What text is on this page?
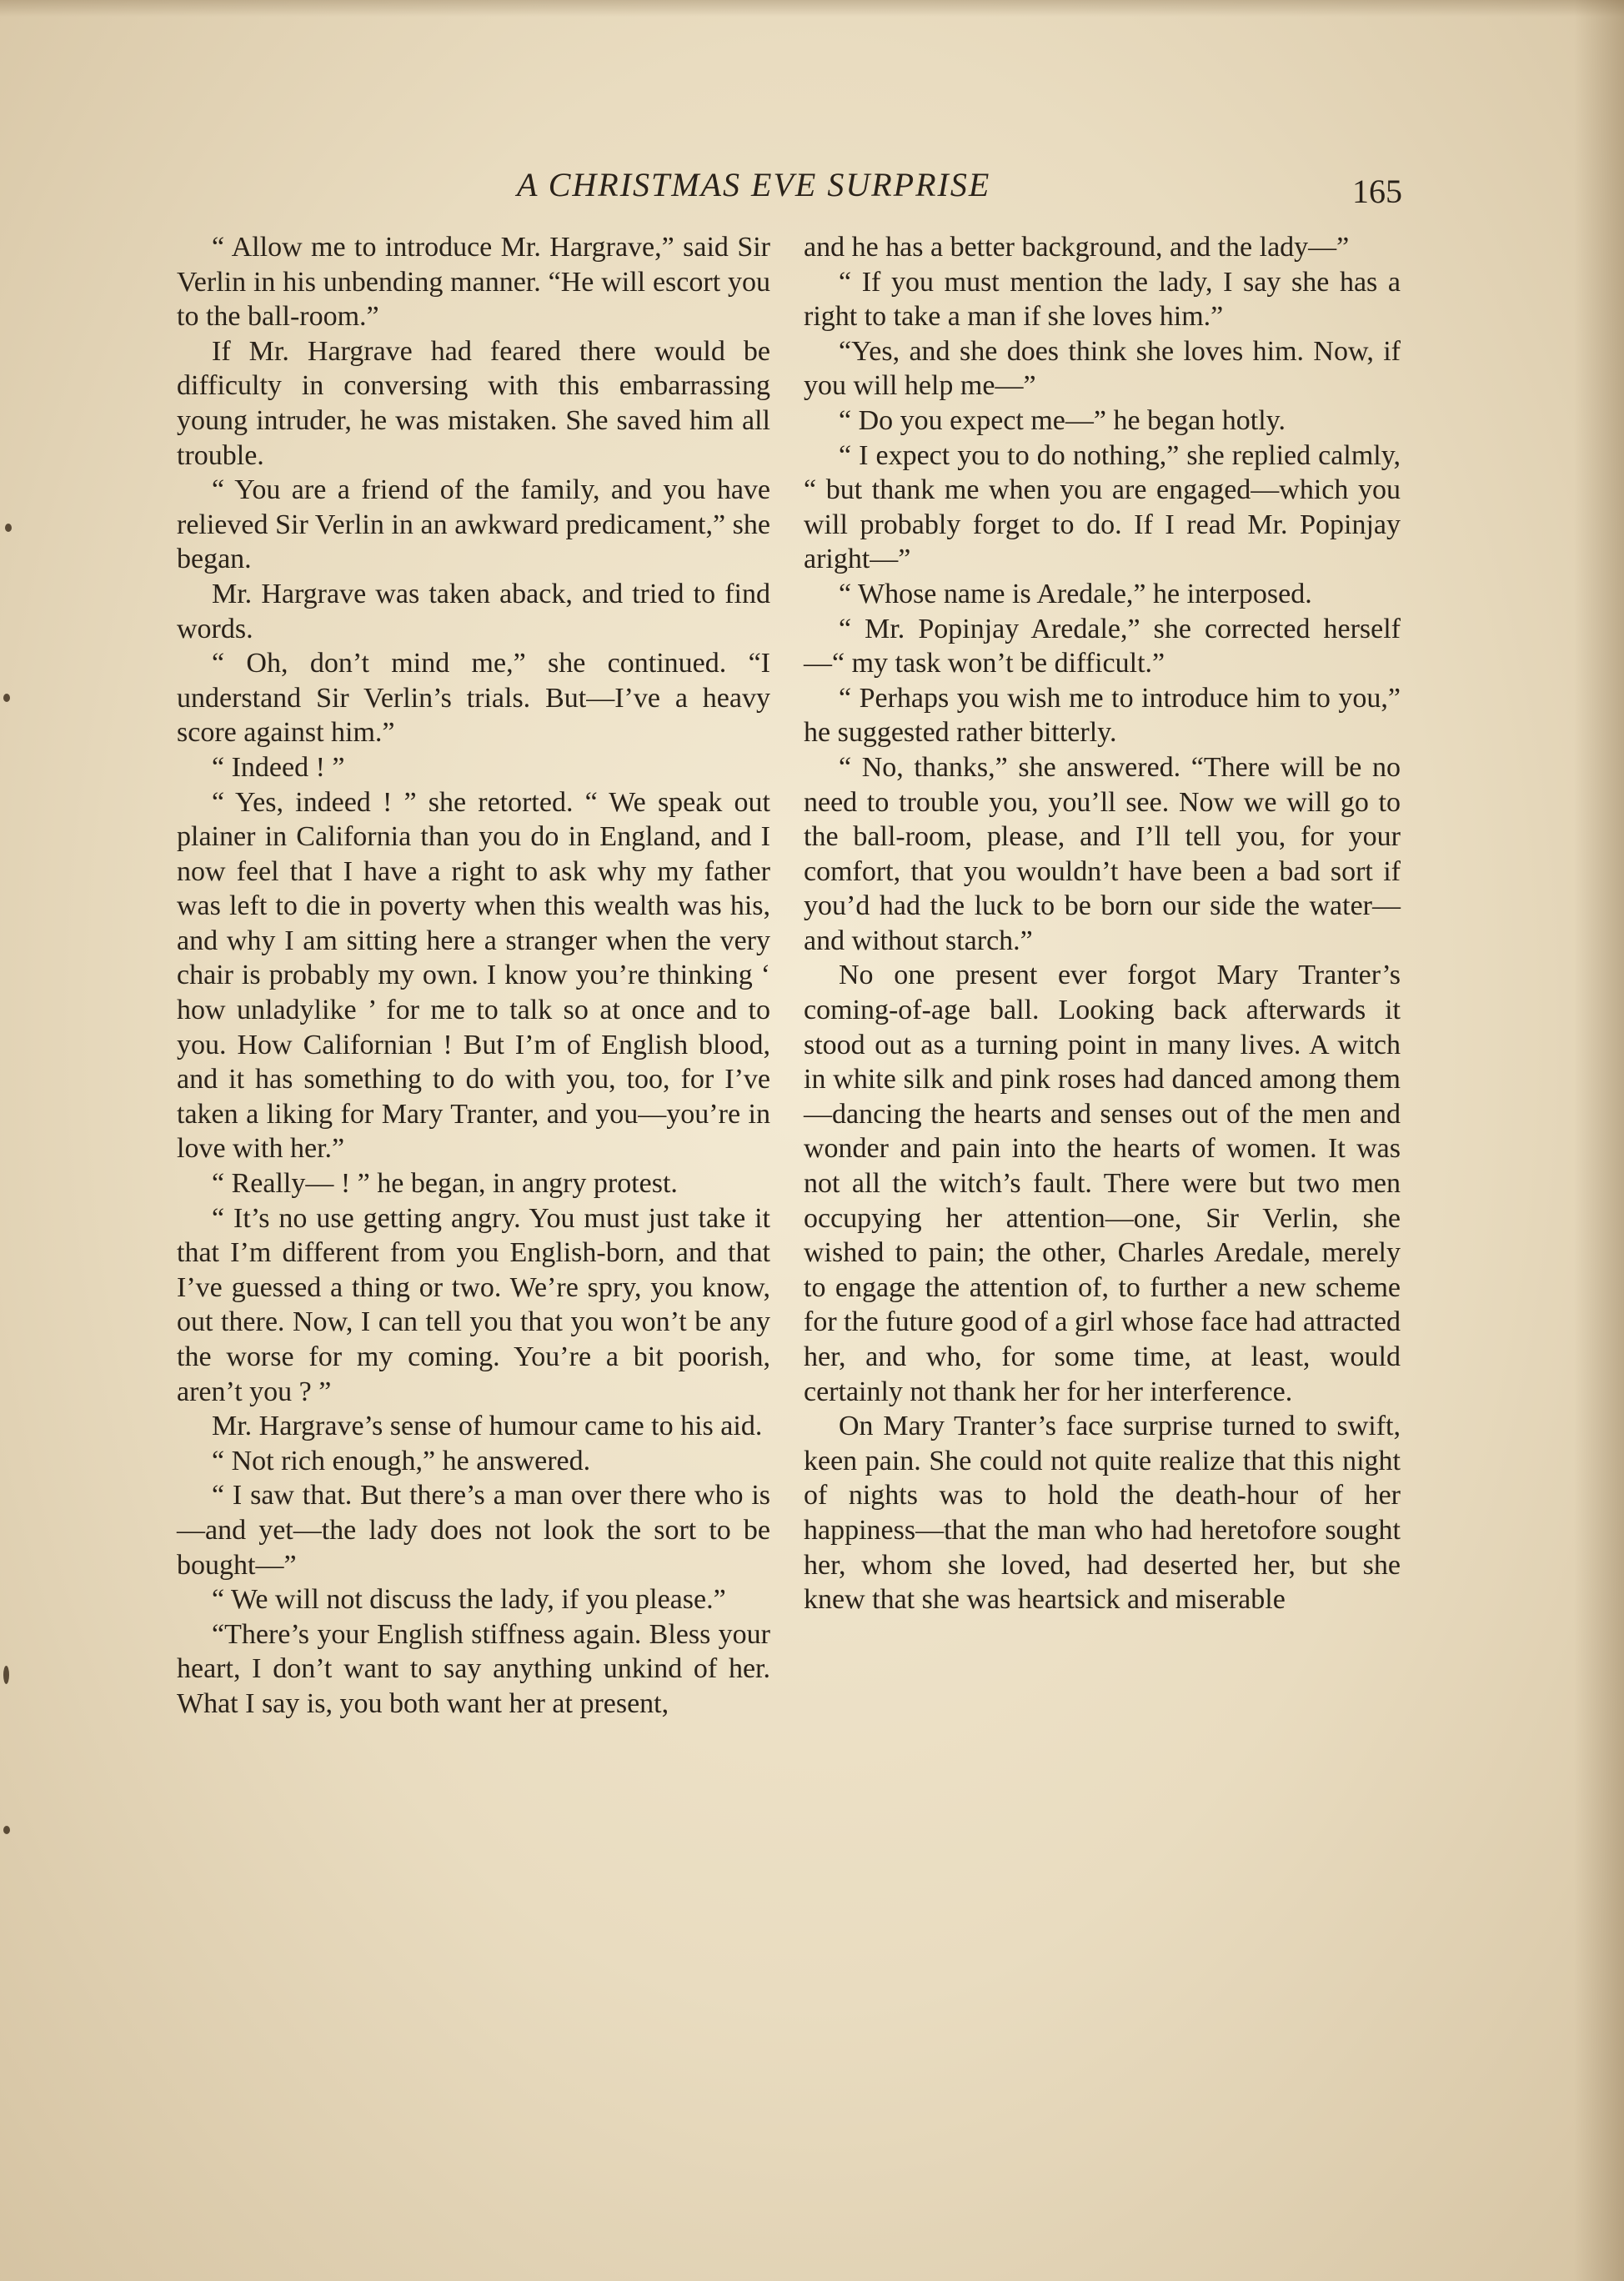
A CHRISTMAS EVE SURPRISE	165

“ Allow me to introduce Mr. Hargrave,” said Sir Verlin in his unbending manner. “He will escort you to the ball-room.”

If Mr. Hargrave had feared there would be difficulty in conversing with this embarrassing young intruder, he was mistaken. She saved him all trouble.

“ You are a friend of the family, and you have relieved Sir Verlin in an awkward predicament,” she began.

Mr. Hargrave was taken aback, and tried to find words.

“ Oh, don’t mind me,” she continued. “I understand Sir Verlin’s trials. But—I’ve a heavy score against him.”

“ Indeed ! ”

“ Yes, indeed ! ” she retorted. “ We speak out plainer in California than you do in England, and I now feel that I have a right to ask why my father was left to die in poverty when this wealth was his, and why I am sitting here a stranger when the very chair is probably my own. I know you’re thinking ‘ how unladylike ’ for me to talk so at once and to you. How Californian ! But I’m of English blood, and it has something to do with you, too, for I’ve taken a liking for Mary Tranter, and you—you’re in love with her.”

“ Really— ! ” he began, in angry protest.

“ It’s no use getting angry. You must just take it that I’m different from you English-born, and that I’ve guessed a thing or two. We’re spry, you know, out there. Now, I can tell you that you won’t be any the worse for my coming. You’re a bit poorish, aren’t you ? ”

Mr. Hargrave’s sense of humour came to his aid.

“ Not rich enough,” he answered.

“ I saw that. But there’s a man over there who is—and yet—the lady does not look the sort to be bought—”

“ We will not discuss the lady, if you please.”

“There’s your English stiffness again. Bless your heart, I don’t want to say anything unkind of her. What I say is, you both want her at present,

and he has a better background, and the lady—”

“ If you must mention the lady, I say she has a right to take a man if she loves him.”

“Yes, and she does think she loves him. Now, if you will help me—”

“ Do you expect me—” he began hotly.

“ I expect you to do nothing,” she replied calmly, “ but thank me when you are engaged—which you will probably forget to do. If I read Mr. Popinjay aright—”

“ Whose name is Aredale,” he interposed.

“ Mr. Popinjay Aredale,” she corrected herself—“ my task won’t be difficult.”

“ Perhaps you wish me to introduce him to you,” he suggested rather bitterly.

“ No, thanks,” she answered. “There will be no need to trouble you, you’ll see. Now we will go to the ball-room, please, and I’ll tell you, for your comfort, that you wouldn’t have been a bad sort if you’d had the luck to be born our side the water—and without starch.”

No one present ever forgot Mary Tranter’s coming-of-age ball. Looking back afterwards it stood out as a turning point in many lives. A witch in white silk and pink roses had danced among them—dancing the hearts and senses out of the men and wonder and pain into the hearts of women. It was not all the witch’s fault. There were but two men occupying her attention—one, Sir Verlin, she wished to pain; the other, Charles Aredale, merely to engage the attention of, to further a new scheme for the future good of a girl whose face had attracted her, and who, for some time, at least, would certainly not thank her for her interference.

On Mary Tranter’s face surprise turned to swift, keen pain. She could not quite realize that this night of nights was to hold the death-hour of her happiness—that the man who had heretofore sought her, whom she loved, had deserted her, but she knew that she was heartsick and miserable
